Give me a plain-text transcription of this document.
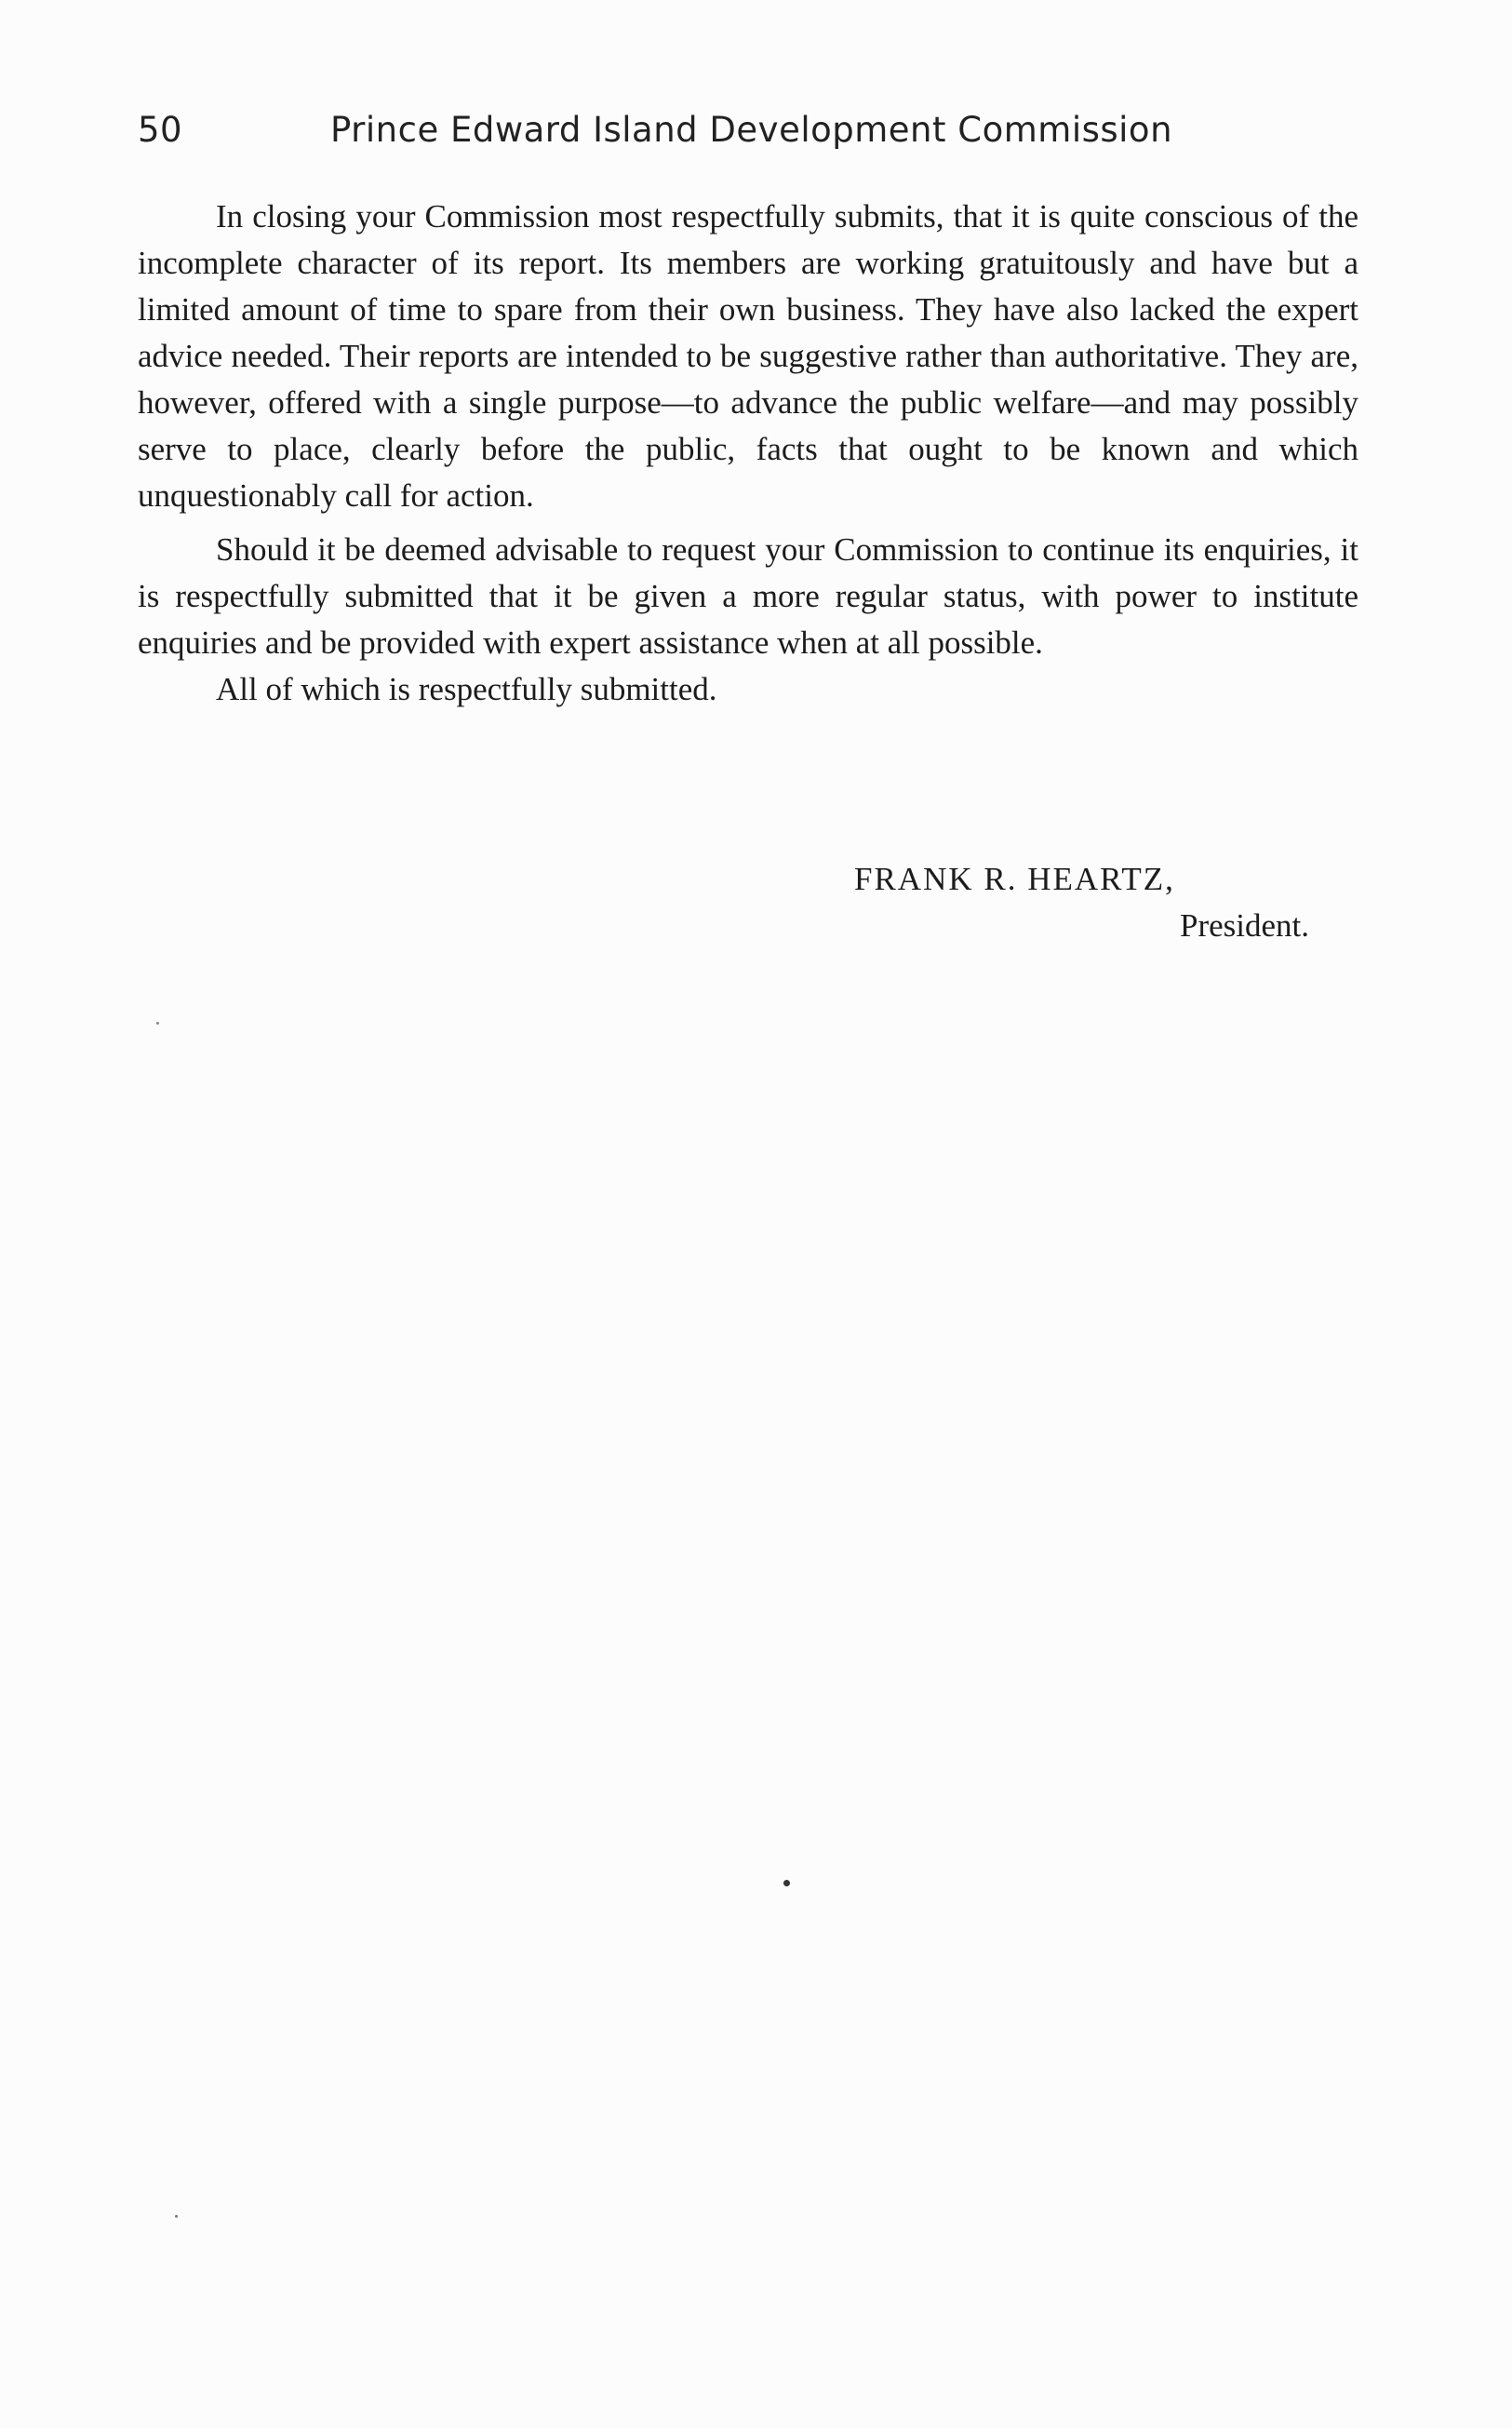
50	Prince Edward Island Development Commission

In closing your Commission most respectfully submits, that it is quite conscious of the incomplete character of its report. Its members are working gratuitously and have but a limited amount of time to spare from their own business. They have also lacked the expert advice needed. Their reports are intended to be suggestive rather than authoritative. They are, however, offered with a single purpose—to advance the public welfare—and may possibly serve to place, clearly before the public, facts that ought to be known and which unquestionably call for action.

Should it be deemed advisable to request your Commission to continue its enquiries, it is respectfully submitted that it be given a more regular status, with power to institute enquiries and be provided with expert assistance when at all possible.

All of which is respectfully submitted.

FRANK R. HEARTZ,
President.
